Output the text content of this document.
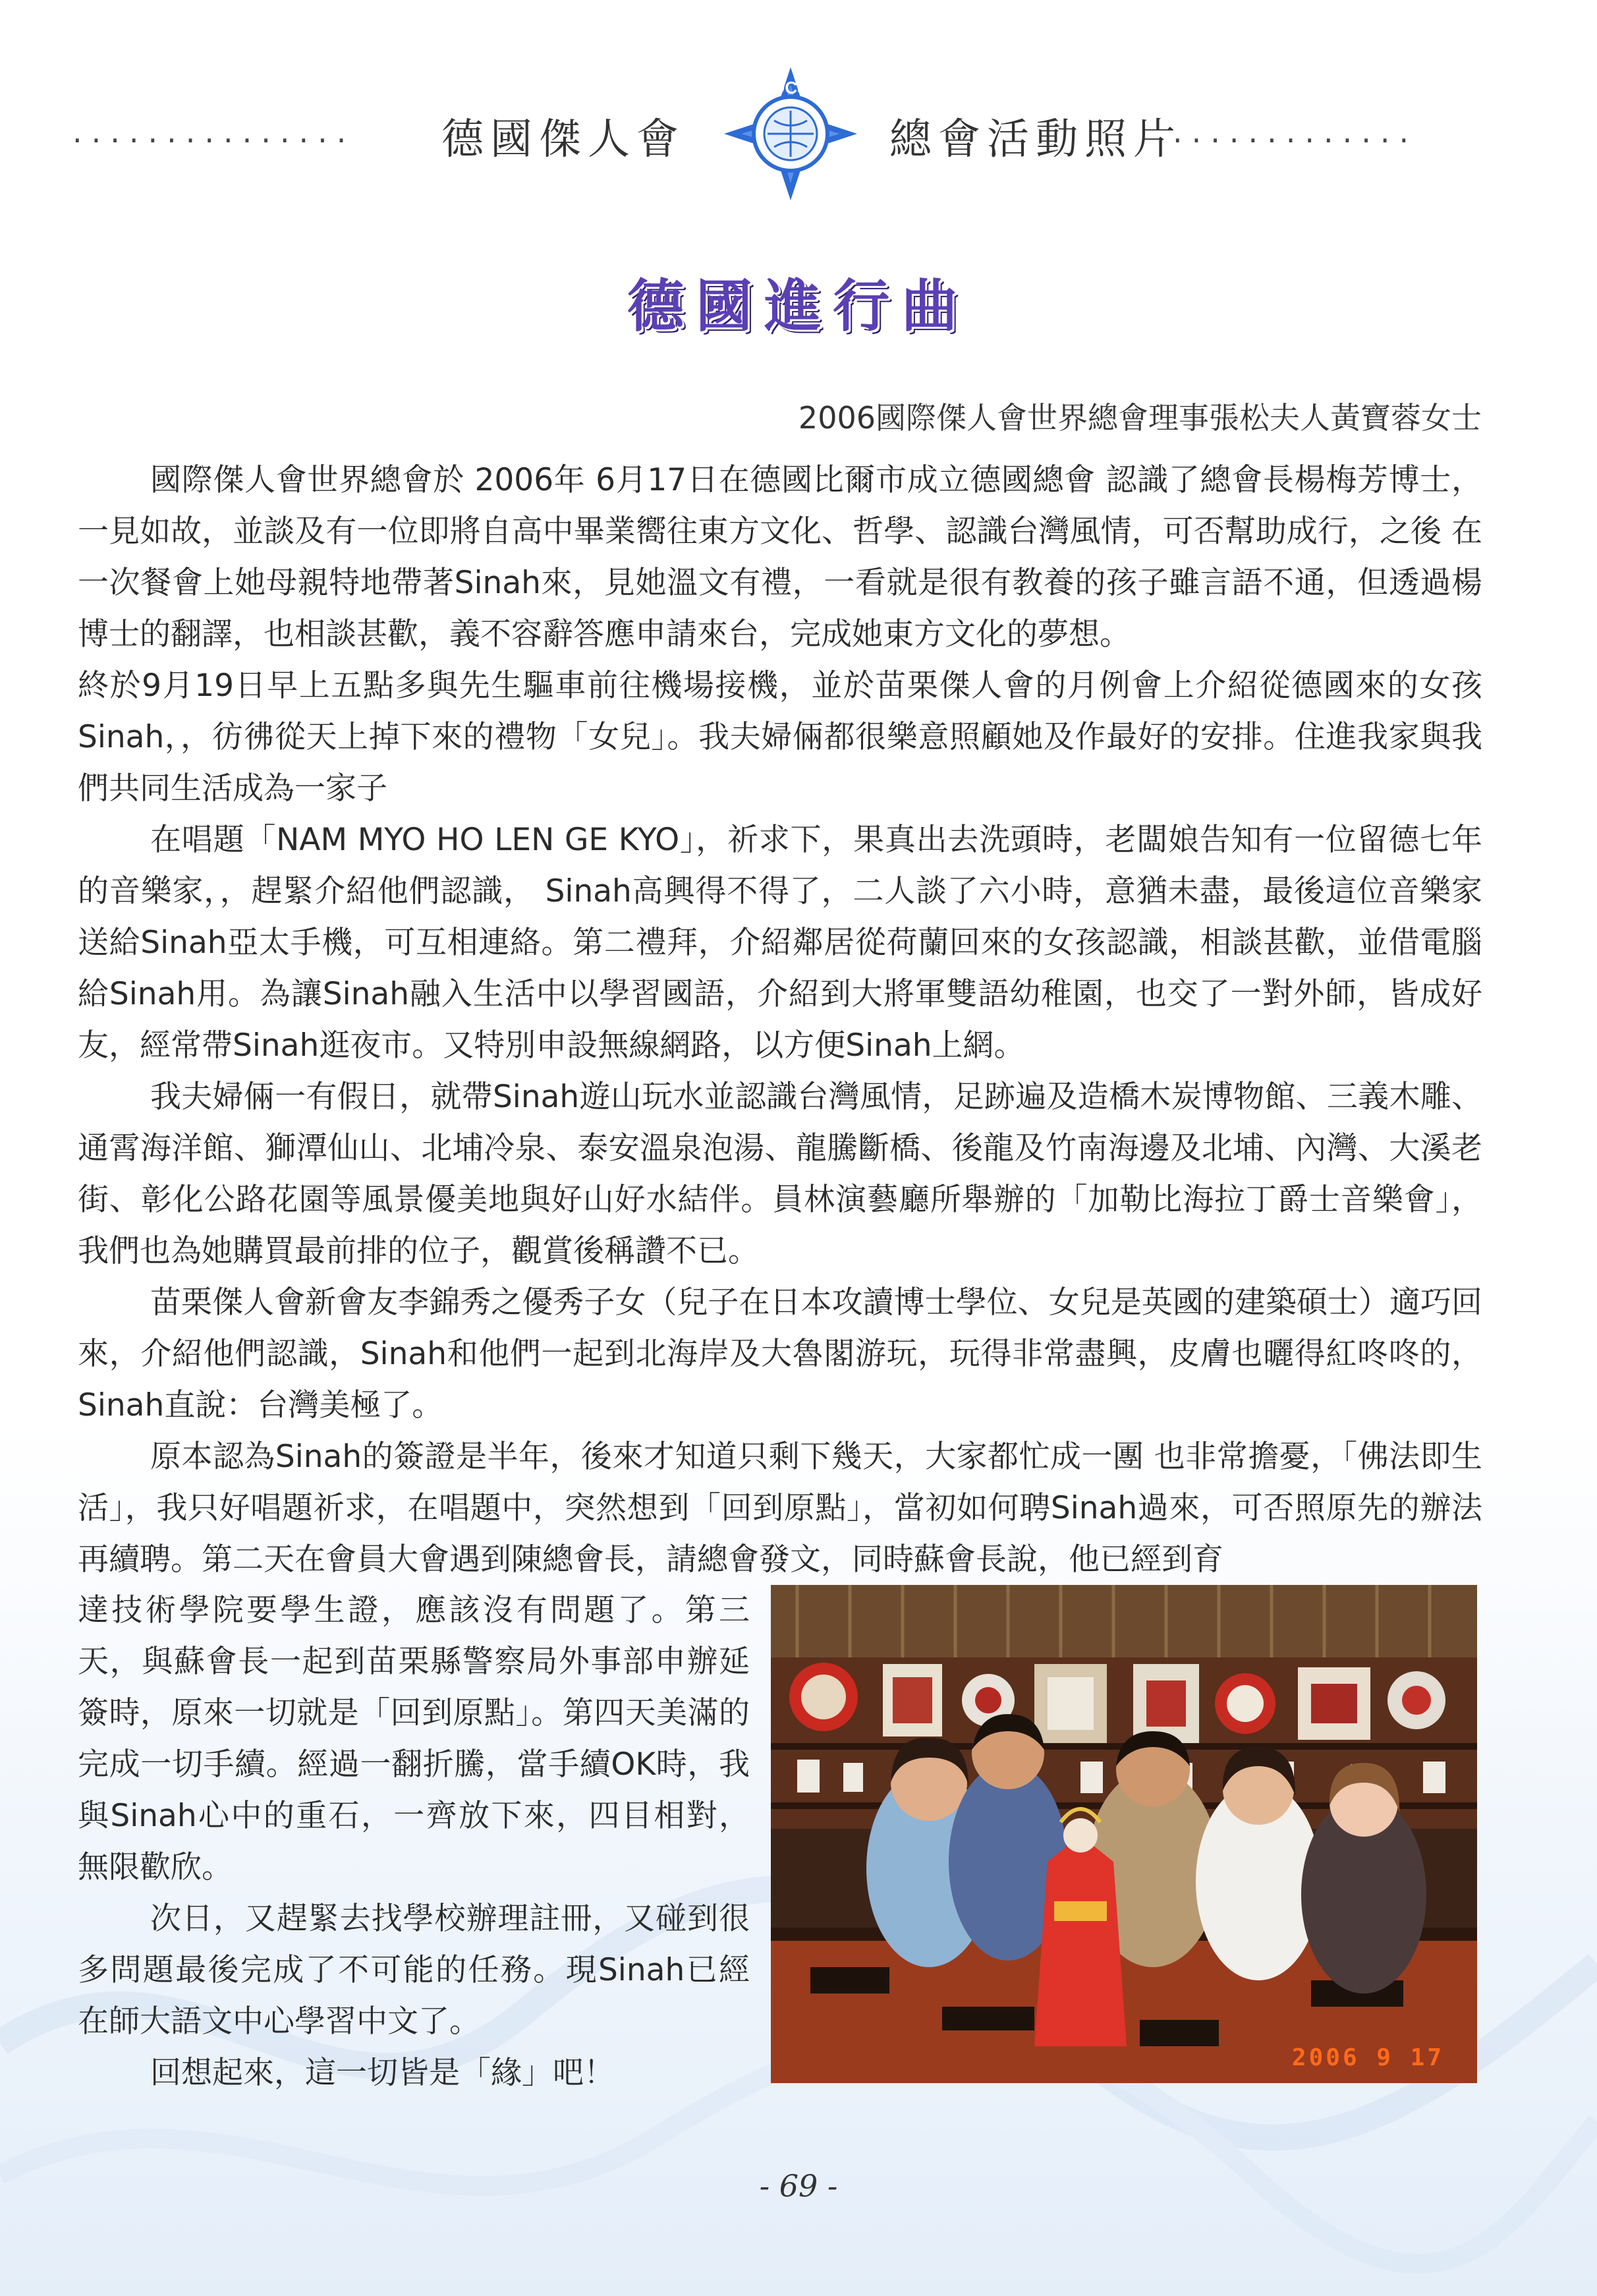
...............	德國傑人會
DCS
總會活動照片
.............
德國進行曲
2006國際傑人會世界總會理事張松夫人黃寶蓉女士

國際傑人會世界總會於 2006年 6月17日在德國比爾市成立德國總會 認識了總會長楊梅芳博士，一見如故，並談及有一位即將自高中畢業嚮往東方文化、哲學、認識台灣風情，可否幫助成行，之後 在一次餐會上她母親特地帶著Sinah來，見她溫文有禮，一看就是很有教養的孩子雖言語不通，但透過楊博士的翻譯，也相談甚歡，義不容辭答應申請來台，完成她東方文化的夢想。

終於9月19日早上五點多與先生驅車前往機場接機，並於苗栗傑人會的月例會上介紹從德國來的女孩Sinah，，彷彿從天上掉下來的禮物「女兒」。我夫婦倆都很樂意照顧她及作最好的安排。住進我家與我們共同生活成為一家子

在唱題「NAM MYO HO LEN GE KYO」，祈求下，果真出去洗頭時，老闆娘告知有一位留德七年的音樂家，，趕緊介紹他們認識， Sinah高興得不得了，二人談了六小時，意猶未盡，最後這位音樂家送給Sinah亞太手機，可互相連絡。第二禮拜，介紹鄰居從荷蘭回來的女孩認識，相談甚歡，並借電腦給Sinah用。為讓Sinah融入生活中以學習國語，介紹到大將軍雙語幼稚園，也交了一對外師，皆成好友，經常帶Sinah逛夜市。又特別申設無線網路，以方便Sinah上網。

我夫婦倆一有假日，就帶Sinah遊山玩水並認識台灣風情，足跡遍及造橋木炭博物館、三義木雕、通霄海洋館、獅潭仙山、北埔冷泉、泰安溫泉泡湯、龍騰斷橋、後龍及竹南海邊及北埔、內灣、大溪老街、彰化公路花園等風景優美地與好山好水結伴。員林演藝廳所舉辦的「加勒比海拉丁爵士音樂會」，我們也為她購買最前排的位子，觀賞後稱讚不已。

苗栗傑人會新會友李錦秀之優秀子女（兒子在日本攻讀博士學位、女兒是英國的建築碩士）適巧回來，介紹他們認識，Sinah和他們一起到北海岸及大魯閣游玩，玩得非常盡興，皮膚也曬得紅咚咚的， Sinah直說：台灣美極了。

原本認為Sinah的簽證是半年，後來才知道只剩下幾天，大家都忙成一團 也非常擔憂，「佛法即生活」，我只好唱題祈求，在唱題中，突然想到「回到原點」，當初如何聘Sinah過來，可否照原先的辦法再續聘。第二天在會員大會遇到陳總會長，請總會發文，同時蘇會長說，他已經到育

達技術學院要學生證，應該沒有問題了。第三天，與蘇會長一起到苗栗縣警察局外事部申辦延簽時，原來一切就是「回到原點」。第四天美滿的完成一切手續。經過一翻折騰，當手續OK時，我與Sinah心中的重石，一齊放下來，四目相對，無限歡欣。

次日，又趕緊去找學校辦理註冊，又碰到很多問題最後完成了不可能的任務。現Sinah已經在師大語文中心學習中文了。

回想起來，這一切皆是「緣」吧！	2006 9 17
- 69 -
